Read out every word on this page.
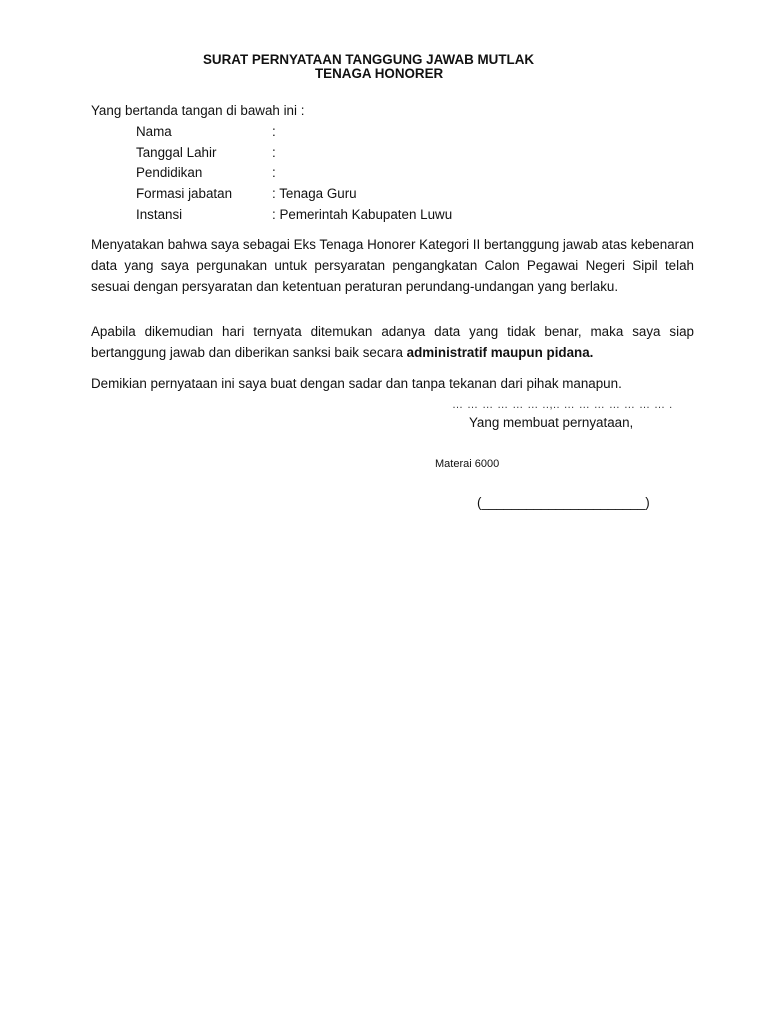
SURAT PERNYATAAN TANGGUNG JAWAB MUTLAK
TENAGA HONORER
Yang bertanda tangan di bawah ini :
Nama	:
Tanggal Lahir	:
Pendidikan	:
Formasi jabatan	: Tenaga Guru
Instansi	: Pemerintah Kabupaten Luwu
Menyatakan bahwa saya sebagai Eks Tenaga Honorer Kategori II bertanggung jawab atas kebenaran data yang saya pergunakan untuk persyaratan pengangkatan Calon Pegawai Negeri Sipil telah sesuai dengan persyaratan dan ketentuan peraturan perundang-undangan yang berlaku.
Apabila dikemudian hari ternyata ditemukan adanya data yang tidak benar, maka saya siap bertanggung jawab dan diberikan sanksi baik secara administratif maupun pidana.
Demikian pernyataan ini saya buat dengan sadar dan tanpa tekanan dari pihak manapun.
… … … … … … ..,.. … … … … … … … .
Yang membuat pernyataan,
Materai 6000
(______________________)
